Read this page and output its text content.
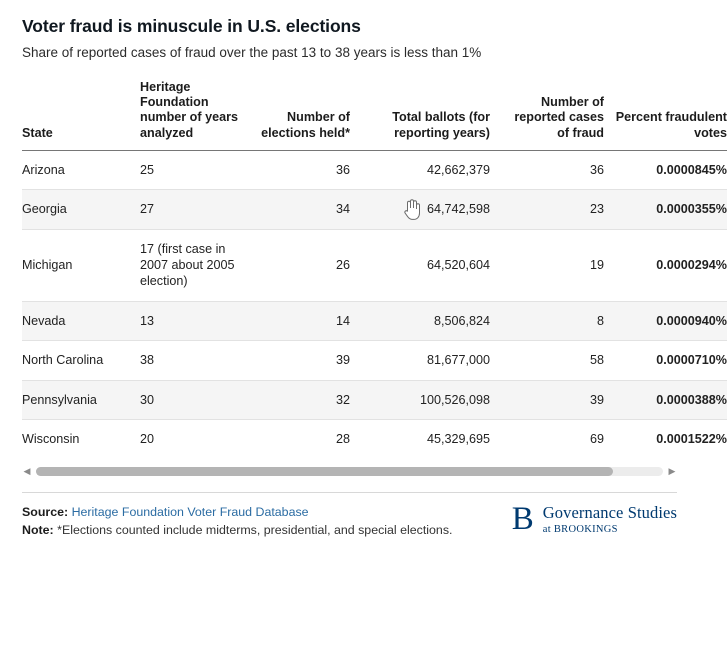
Voter fraud is minuscule in U.S. elections
Share of reported cases of fraud over the past 13 to 38 years is less than 1%
State	Heritage Foundation number of years analyzed	Number of elections held*	Total ballots (for reporting years)	Number of reported cases of fraud	Percent fraudulent votes
Arizona	25	36	42,662,379	36	0.0000845%
Georgia	27	34	64,742,598	23	0.0000355%
Michigan	17 (first case in 2007 about 2005 election)	26	64,520,604	19	0.0000294%
Nevada	13	14	8,506,824	8	0.0000940%
North Carolina	38	39	81,677,000	58	0.0000710%
Pennsylvania	30	32	100,526,098	39	0.0000388%
Wisconsin	20	28	45,329,695	69	0.0001522%
◀	▶
Source: Heritage Foundation Voter Fraud Database
Note: *Elections counted include midterms, presidential, and special elections.	B Governance Studies
at BROOKINGS
